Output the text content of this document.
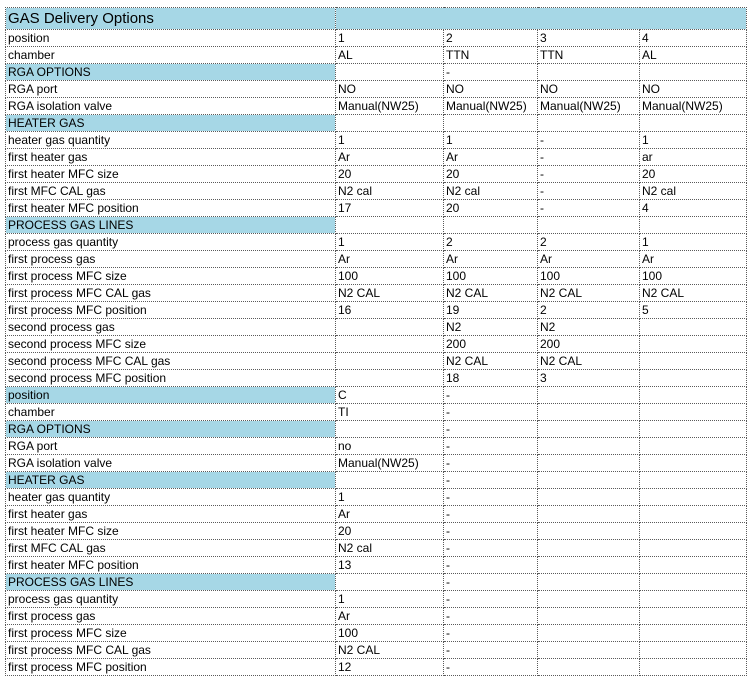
GAS Delivery Options				
position	1	2	3	4
chamber	AL	TTN	TTN	AL
RGA OPTIONS		-		
RGA port	NO	NO	NO	NO
RGA isolation valve	Manual(NW25)	Manual(NW25)	Manual(NW25)	Manual(NW25)
HEATER GAS				
heater gas quantity	1	1	-	1
first heater gas	Ar	Ar	-	ar
first heater MFC size	20	20	-	20
first MFC CAL gas	N2 cal	N2 cal	-	N2 cal
first heater MFC position	17	20	-	4
PROCESS GAS LINES				
process gas quantity	1	2	2	1
first process gas	Ar	Ar	Ar	Ar
first process MFC size	100	100	100	100
first process MFC CAL gas	N2 CAL	N2 CAL	N2 CAL	N2 CAL
first process MFC position	16	19	2	5
second process gas		N2	N2	
second process MFC size		200	200	
second process MFC CAL gas		N2 CAL	N2 CAL	
second process MFC position		18	3	
position	C	-		
chamber	TI	-		
RGA OPTIONS		-		
RGA port	no	-		
RGA isolation valve	Manual(NW25)	-		
HEATER GAS		-		
heater gas quantity	1	-		
first heater gas	Ar	-		
first heater MFC size	20	-		
first MFC CAL gas	N2 cal	-		
first heater MFC position	13	-		
PROCESS GAS LINES		-		
process gas quantity	1	-		
first process gas	Ar	-		
first process MFC size	100	-		
first process MFC CAL gas	N2 CAL	-		
first process MFC position	12	-		
